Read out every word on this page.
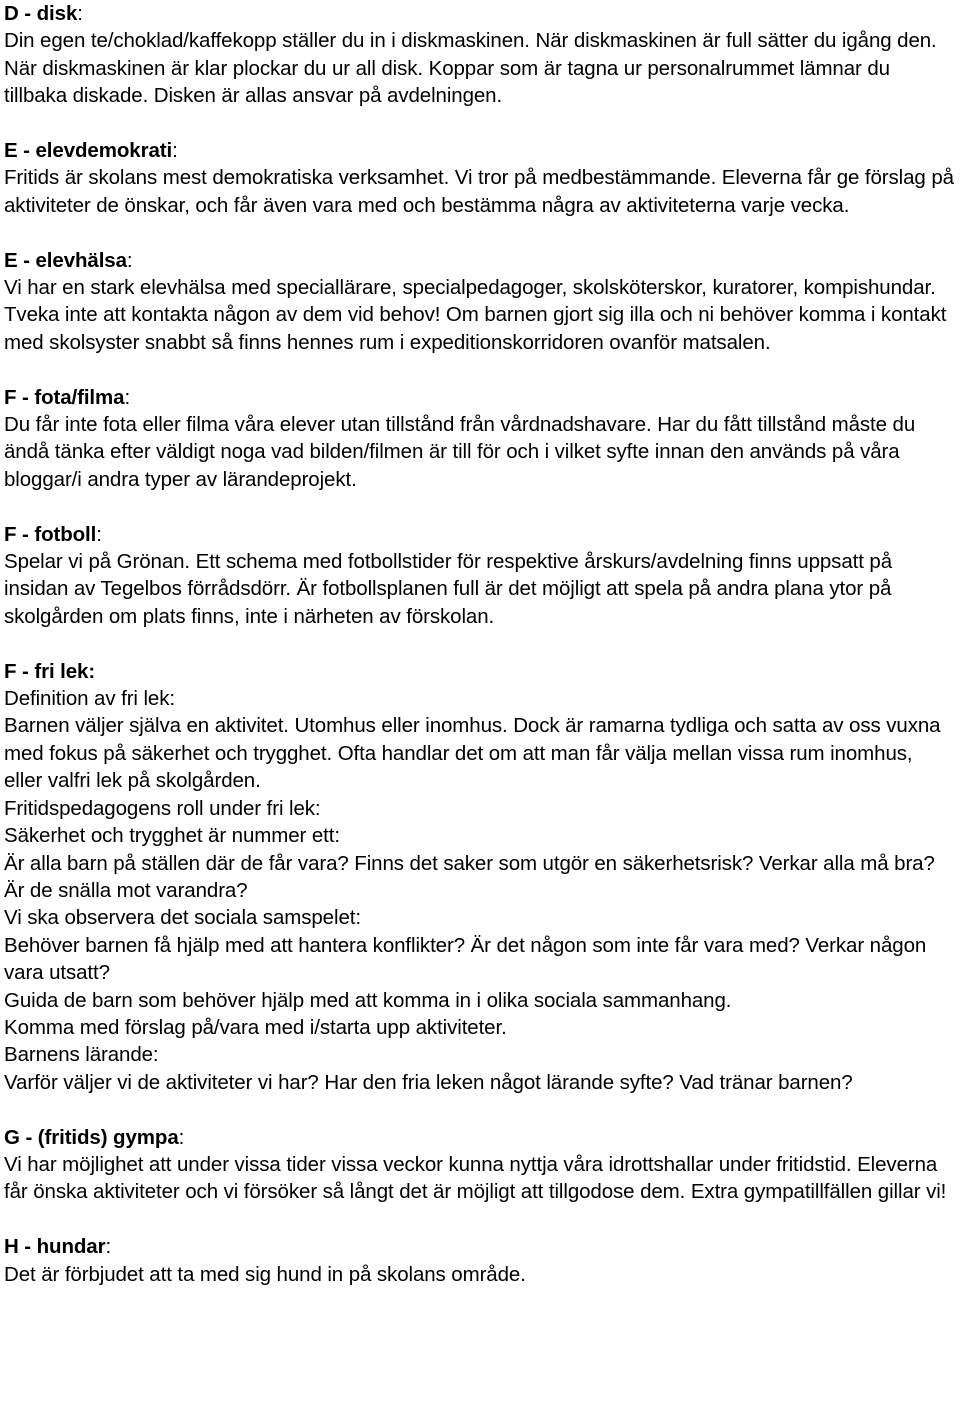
D - disk:

Din egen te/choklad/kaffekopp ställer du in i diskmaskinen. När diskmaskinen är full sätter du igång den. När diskmaskinen är klar plockar du ur all disk. Koppar som är tagna ur personalrummet lämnar du tillbaka diskade. Disken är allas ansvar på avdelningen.

E - elevdemokrati:

Fritids är skolans mest demokratiska verksamhet. Vi tror på medbestämmande. Eleverna får ge förslag på aktiviteter de önskar, och får även vara med och bestämma några av aktiviteterna varje vecka.

E - elevhälsa:

Vi har en stark elevhälsa med speciallärare, specialpedagoger, skolsköterskor, kuratorer, kompishundar. Tveka inte att kontakta någon av dem vid behov! Om barnen gjort sig illa och ni behöver komma i kontakt med skolsyster snabbt så finns hennes rum i expeditionskorridoren ovanför matsalen.

F - fota/filma:

Du får inte fota eller filma våra elever utan tillstånd från vårdnadshavare. Har du fått tillstånd måste du ändå tänka efter väldigt noga vad bilden/filmen är till för och i vilket syfte innan den används på våra bloggar/i andra typer av lärandeprojekt.

F - fotboll:

Spelar vi på Grönan. Ett schema med fotbollstider för respektive årskurs/avdelning finns uppsatt på insidan av Tegelbos förrådsdörr. Är fotbollsplanen full är det möjligt att spela på andra plana ytor på skolgården om plats finns, inte i närheten av förskolan.

F - fri lek:

Definition av fri lek:

Barnen väljer själva en aktivitet. Utomhus eller inomhus. Dock är ramarna tydliga och satta av oss vuxna med fokus på säkerhet och trygghet. Ofta handlar det om att man får välja mellan vissa rum inomhus, eller valfri lek på skolgården.

Fritidspedagogens roll under fri lek:

Säkerhet och trygghet är nummer ett:

Är alla barn på ställen där de får vara? Finns det saker som utgör en säkerhetsrisk? Verkar alla må bra? Är de snälla mot varandra?

Vi ska observera det sociala samspelet:

Behöver barnen få hjälp med att hantera konflikter? Är det någon som inte får vara med? Verkar någon vara utsatt?

Guida de barn som behöver hjälp med att komma in i olika sociala sammanhang.

Komma med förslag på/vara med i/starta upp aktiviteter.

Barnens lärande:

Varför väljer vi de aktiviteter vi har? Har den fria leken något lärande syfte? Vad tränar barnen?

G - (fritids) gympa:

Vi har möjlighet att under vissa tider vissa veckor kunna nyttja våra idrottshallar under fritidstid. Eleverna får önska aktiviteter och vi försöker så långt det är möjligt att tillgodose dem. Extra gympatillfällen gillar vi!

H - hundar:

Det är förbjudet att ta med sig hund in på skolans område.
